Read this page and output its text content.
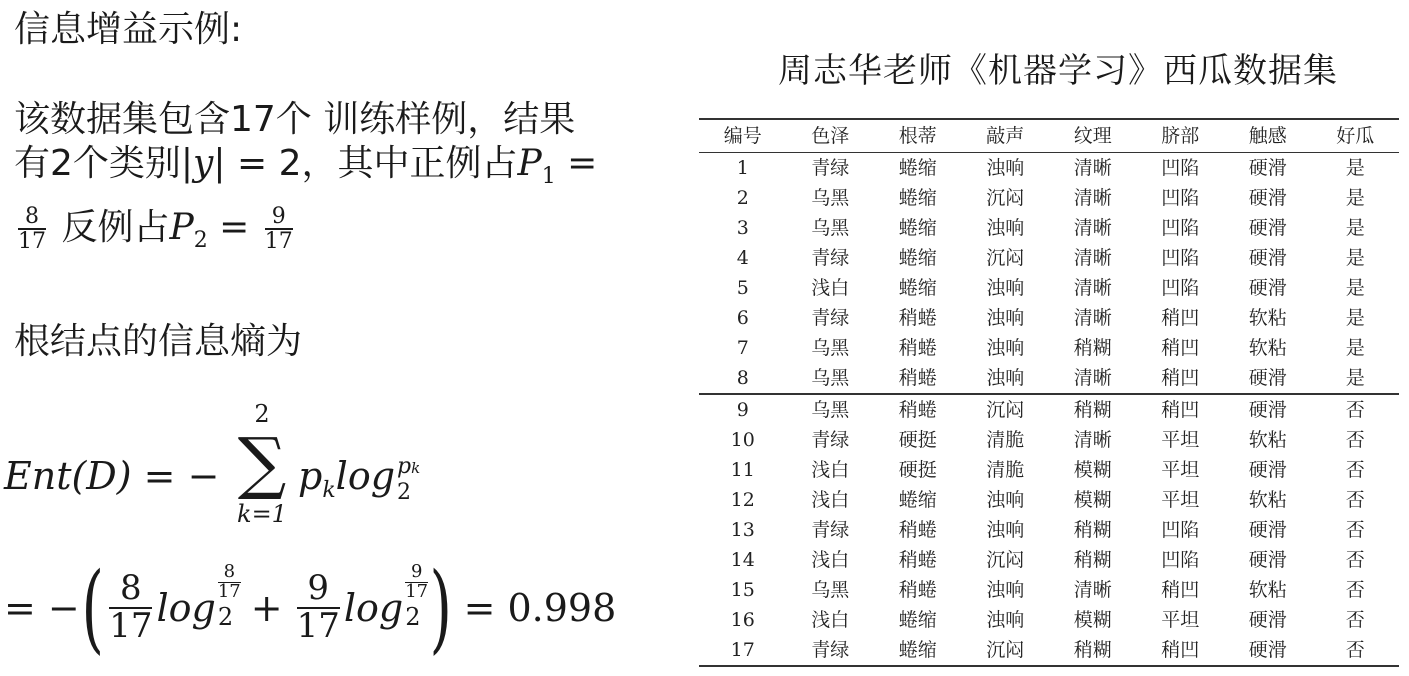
信息增益示例:
该数据集包含17个 训练样例，结果
有2个类别|y| = 2，其中正例占$P_1$ =
$\frac{8}{17}$ 反例占$P_2 = \frac{9}{17}$
根结点的信息熵为
Ent(D) = −
2
∑
k=1
$p_k\log$ pk
2
= − ( $\frac{8}{17}$ log
$\frac{8}{17}$
$2 + \frac{9}{17}$ log
$\frac{9}{17}$
2 ) = 0.998
周志华老师《机器学习》西瓜数据集
编号	色泽	根蒂	敲声	纹理	脐部	触感	好瓜
1	青绿	蜷缩	浊响	清晰	凹陷	硬滑	是
2	乌黑	蜷缩	沉闷	清晰	凹陷	硬滑	是
3	乌黑	蜷缩	浊响	清晰	凹陷	硬滑	是
4	青绿	蜷缩	沉闷	清晰	凹陷	硬滑	是
5	浅白	蜷缩	浊响	清晰	凹陷	硬滑	是
6	青绿	稍蜷	浊响	清晰	稍凹	软粘	是
7	乌黑	稍蜷	浊响	稍糊	稍凹	软粘	是
8	乌黑	稍蜷	浊响	清晰	稍凹	硬滑	是
9	乌黑	稍蜷	沉闷	稍糊	稍凹	硬滑	否
10	青绿	硬挺	清脆	清晰	平坦	软粘	否
11	浅白	硬挺	清脆	模糊	平坦	硬滑	否
12	浅白	蜷缩	浊响	模糊	平坦	软粘	否
13	青绿	稍蜷	浊响	稍糊	凹陷	硬滑	否
14	浅白	稍蜷	沉闷	稍糊	凹陷	硬滑	否
15	乌黑	稍蜷	浊响	清晰	稍凹	软粘	否
16	浅白	蜷缩	浊响	模糊	平坦	硬滑	否
17	青绿	蜷缩	沉闷	稍糊	稍凹	硬滑	否
